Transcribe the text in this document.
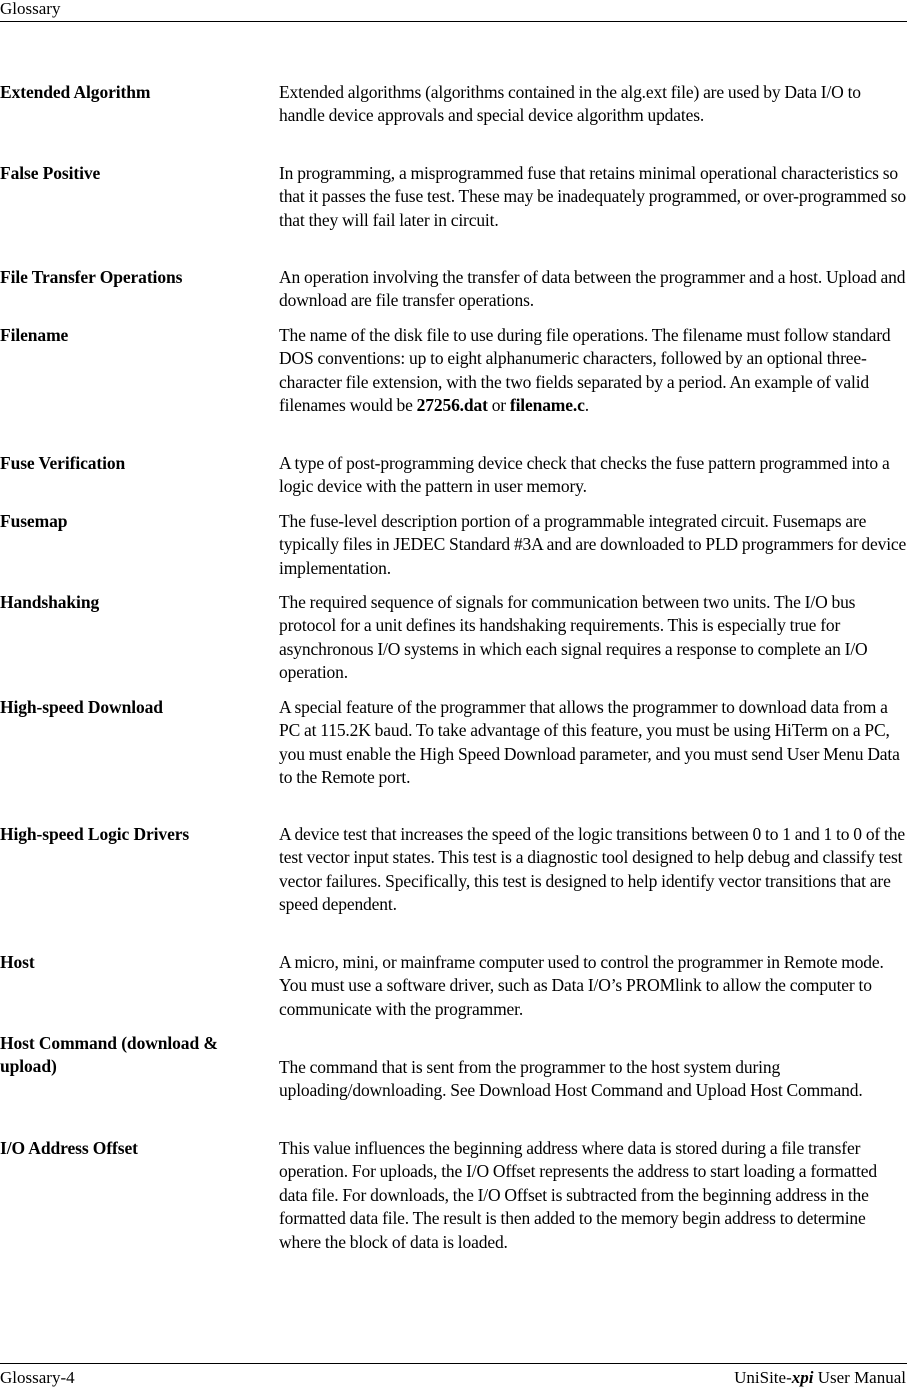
Glossary
Extended Algorithm	Extended algorithms (algorithms contained in the alg.ext file) are used by Data I/O to handle device approvals and special device algorithm updates.
False Positive	In programming, a misprogrammed fuse that retains minimal operational characteristics so that it passes the fuse test. These may be inadequately programmed, or over-programmed so that they will fail later in circuit.
File Transfer Operations	An operation involving the transfer of data between the programmer and a host. Upload and download are file transfer operations.
Filename	The name of the disk file to use during file operations. The filename must follow standard DOS conventions: up to eight alphanumeric characters, followed by an optional three-character file extension, with the two fields separated by a period. An example of valid filenames would be 27256.dat or filename.c.
Fuse Verification	A type of post-programming device check that checks the fuse pattern programmed into a logic device with the pattern in user memory.
Fusemap	The fuse-level description portion of a programmable integrated circuit. Fusemaps are typically files in JEDEC Standard #3A and are downloaded to PLD programmers for device implementation.
Handshaking	The required sequence of signals for communication between two units. The I/O bus protocol for a unit defines its handshaking requirements. This is especially true for asynchronous I/O systems in which each signal requires a response to complete an I/O operation.
High-speed Download	A special feature of the programmer that allows the programmer to download data from a PC at 115.2K baud. To take advantage of this feature, you must be using HiTerm on a PC, you must enable the High Speed Download parameter, and you must send User Menu Data to the Remote port.
High-speed Logic Drivers	A device test that increases the speed of the logic transitions between 0 to 1 and 1 to 0 of the test vector input states. This test is a diagnostic tool designed to help debug and classify test vector failures. Specifically, this test is designed to help identify vector transitions that are speed dependent.
Host	A micro, mini, or mainframe computer used to control the programmer in Remote mode. You must use a software driver, such as Data I/O’s PROMlink to allow the computer to communicate with the programmer.
Host Command (download & upload)	The command that is sent from the programmer to the host system during uploading/downloading. See Download Host Command and Upload Host Command.
I/O Address Offset	This value influences the beginning address where data is stored during a file transfer operation. For uploads, the I/O Offset represents the address to start loading a formatted data file. For downloads, the I/O Offset is subtracted from the beginning address in the formatted data file. The result is then added to the memory begin address to determine where the block of data is loaded.
Glossary-4	UniSite-xpi User Manual
